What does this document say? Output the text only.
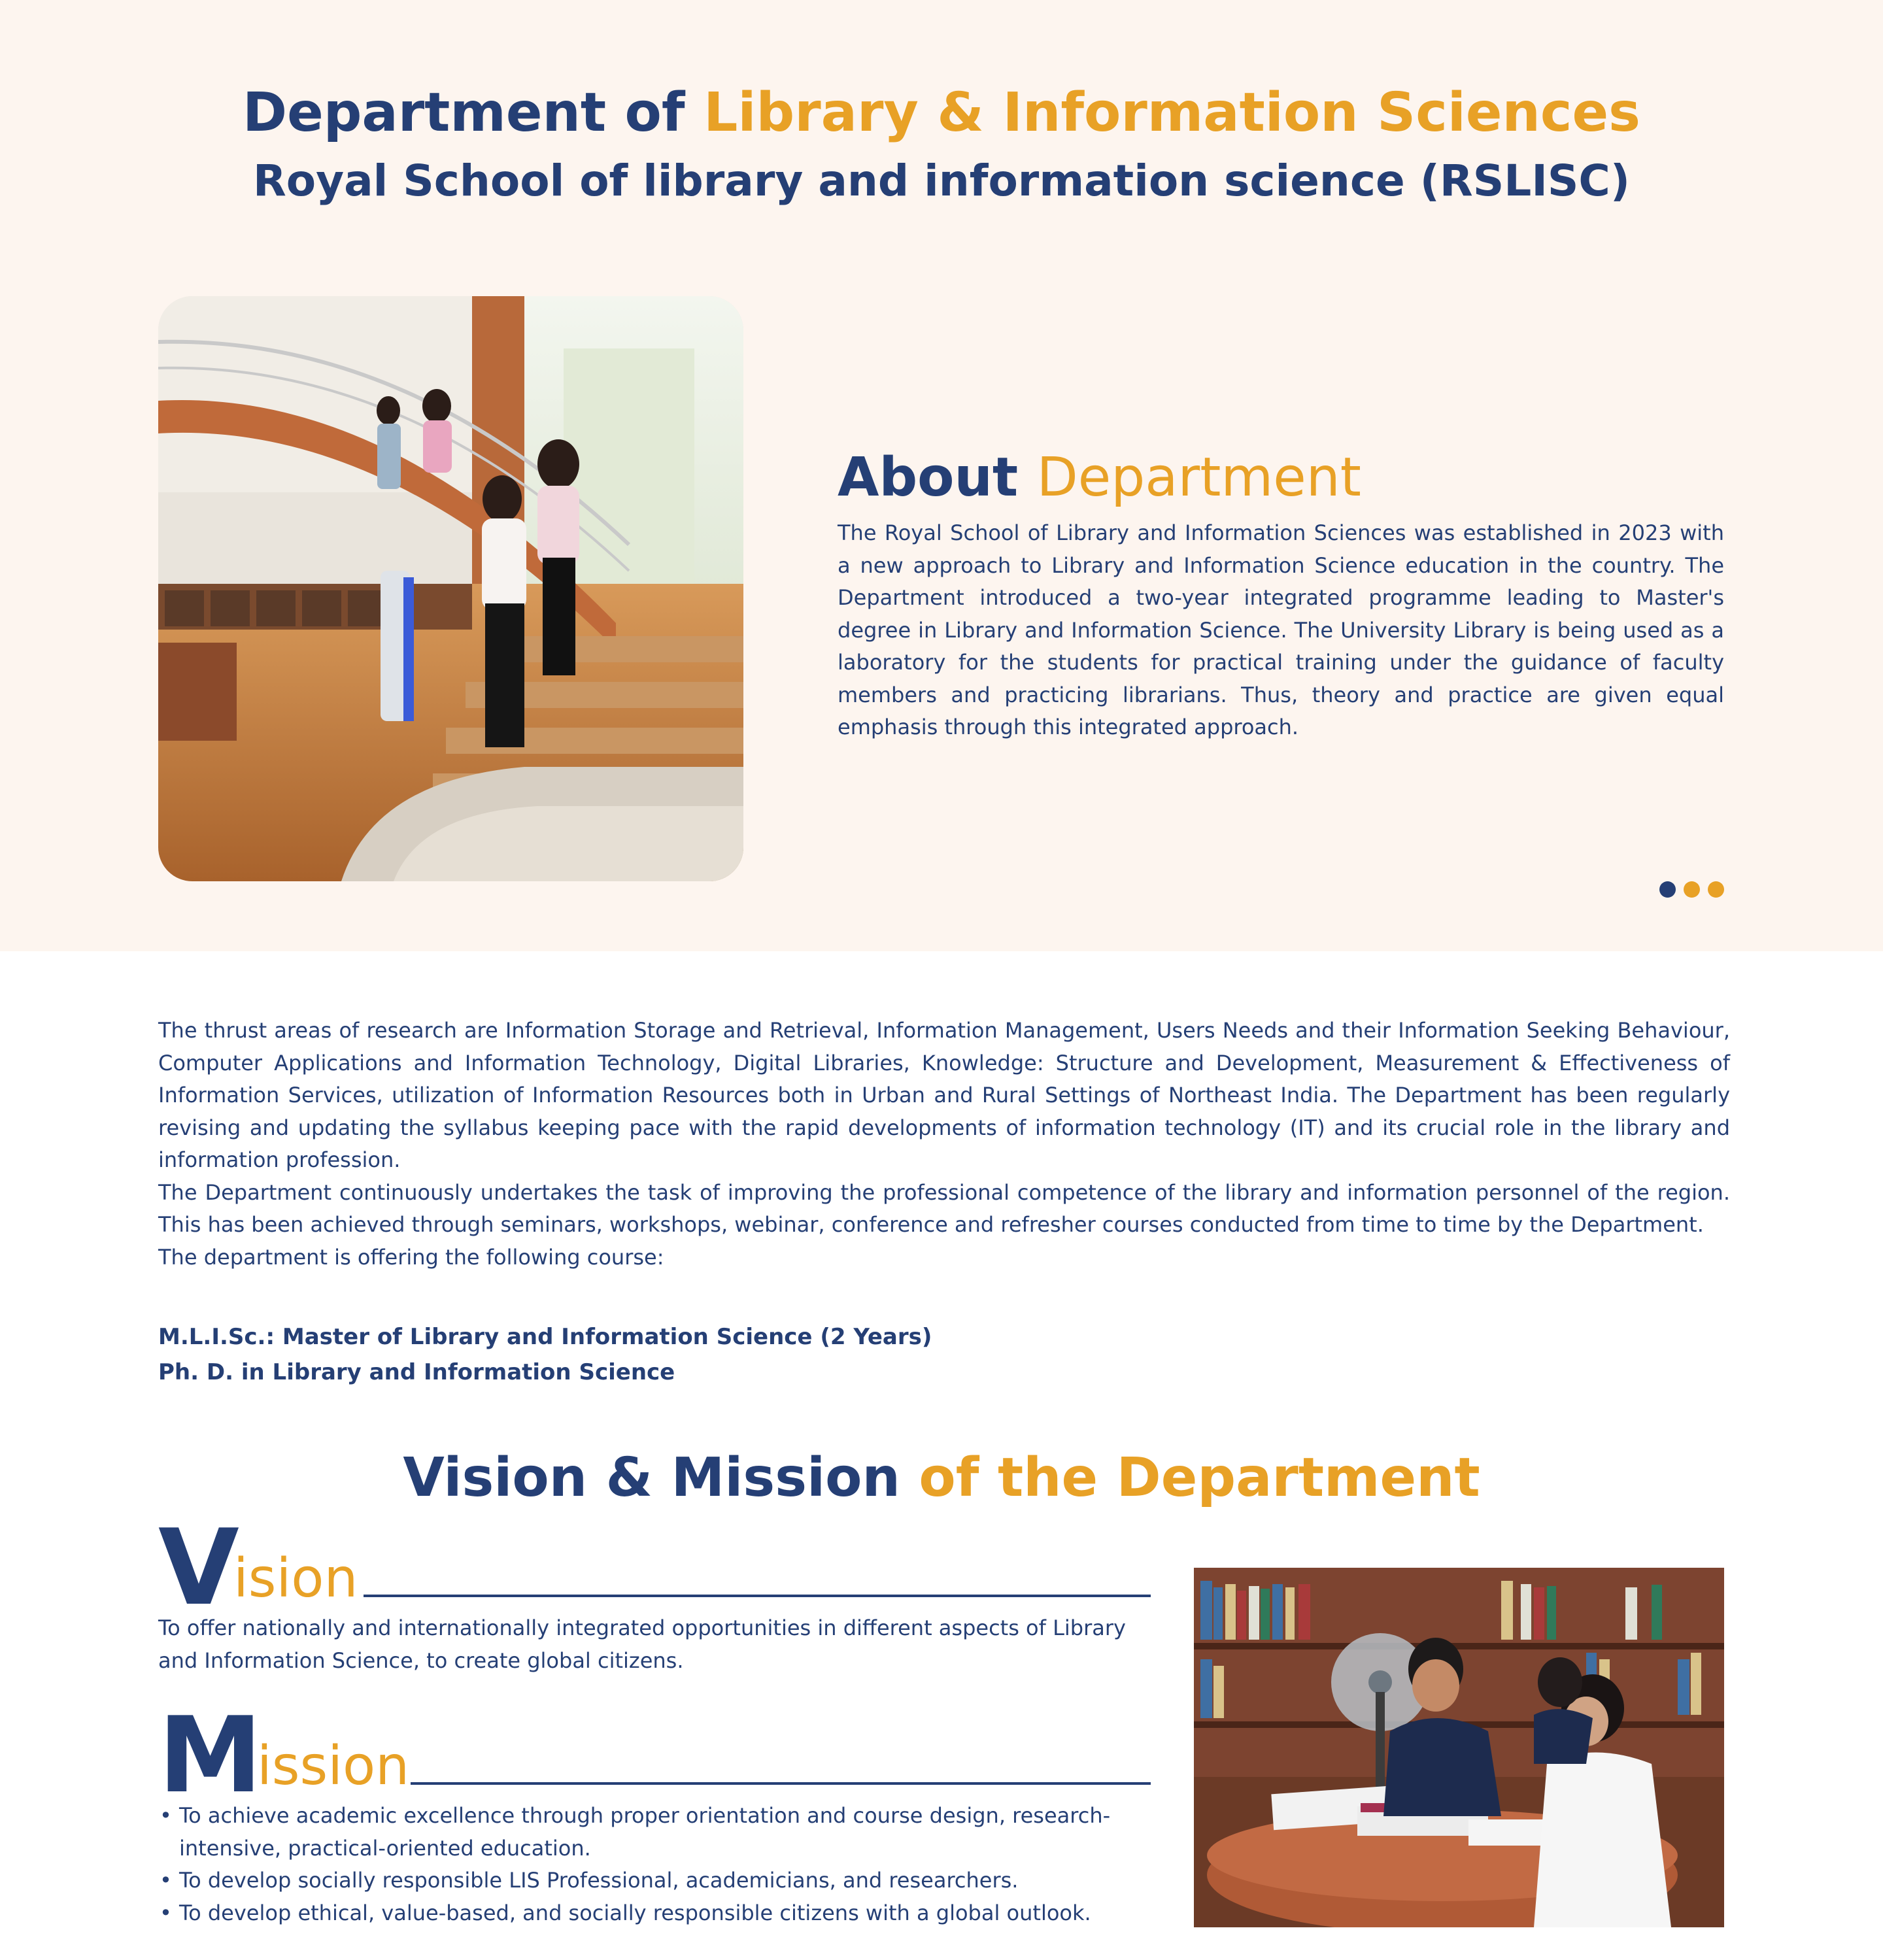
Department of Library & Information Sciences
Royal School of library and information science (RSLISC)
About Department

The Royal School of Library and Information Sciences was established in 2023 with a new approach to Library and Information Science education in the country. The Department introduced a two-year integrated programme leading to Master's degree in Library and Information Science. The University Library is being used as a laboratory for the students for practical training under the guidance of faculty members and practicing librarians. Thus, theory and practice are given equal emphasis through this integrated approach.

The thrust areas of research are Information Storage and Retrieval, Information Management, Users Needs and their Information Seeking Behaviour, Computer Applications and Information Technology, Digital Libraries, Knowledge: Structure and Development, Measurement & Effectiveness of Information Services, utilization of Information Resources both in Urban and Rural Settings of Northeast India. The Department has been regularly revising and updating the syllabus keeping pace with the rapid developments of information technology (IT) and its crucial role in the library and information profession.

The Department continuously undertakes the task of improving the professional competence of the library and information personnel of the region. This has been achieved through seminars, workshops, webinar, conference and refresher courses conducted from time to time by the Department.

The department is offering the following course:

M.L.I.Sc.: Master of Library and Information Science (2 Years)
Ph. D. in Library and Information Science
Vision & Mission of the Department
V
ision

To offer nationally and internationally integrated opportunities in different aspects of Library and Information Science, to create global citizens.

M
ission
• To achieve academic excellence through proper orientation and course design, research-intensive, practical-oriented education.
• To develop socially responsible LIS Professional, academicians, and researchers.
• To develop ethical, value-based, and socially responsible citizens with a global outlook.
